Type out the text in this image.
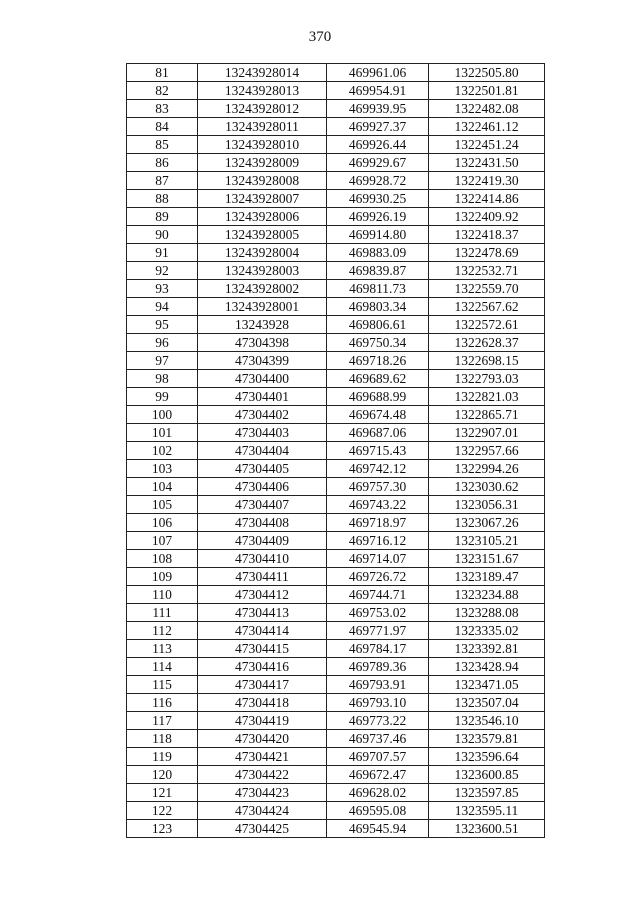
370
81	13243928014	469961.06	1322505.80
82	13243928013	469954.91	1322501.81
83	13243928012	469939.95	1322482.08
84	13243928011	469927.37	1322461.12
85	13243928010	469926.44	1322451.24
86	13243928009	469929.67	1322431.50
87	13243928008	469928.72	1322419.30
88	13243928007	469930.25	1322414.86
89	13243928006	469926.19	1322409.92
90	13243928005	469914.80	1322418.37
91	13243928004	469883.09	1322478.69
92	13243928003	469839.87	1322532.71
93	13243928002	469811.73	1322559.70
94	13243928001	469803.34	1322567.62
95	13243928	469806.61	1322572.61
96	47304398	469750.34	1322628.37
97	47304399	469718.26	1322698.15
98	47304400	469689.62	1322793.03
99	47304401	469688.99	1322821.03
100	47304402	469674.48	1322865.71
101	47304403	469687.06	1322907.01
102	47304404	469715.43	1322957.66
103	47304405	469742.12	1322994.26
104	47304406	469757.30	1323030.62
105	47304407	469743.22	1323056.31
106	47304408	469718.97	1323067.26
107	47304409	469716.12	1323105.21
108	47304410	469714.07	1323151.67
109	47304411	469726.72	1323189.47
110	47304412	469744.71	1323234.88
111	47304413	469753.02	1323288.08
112	47304414	469771.97	1323335.02
113	47304415	469784.17	1323392.81
114	47304416	469789.36	1323428.94
115	47304417	469793.91	1323471.05
116	47304418	469793.10	1323507.04
117	47304419	469773.22	1323546.10
118	47304420	469737.46	1323579.81
119	47304421	469707.57	1323596.64
120	47304422	469672.47	1323600.85
121	47304423	469628.02	1323597.85
122	47304424	469595.08	1323595.11
123	47304425	469545.94	1323600.51
